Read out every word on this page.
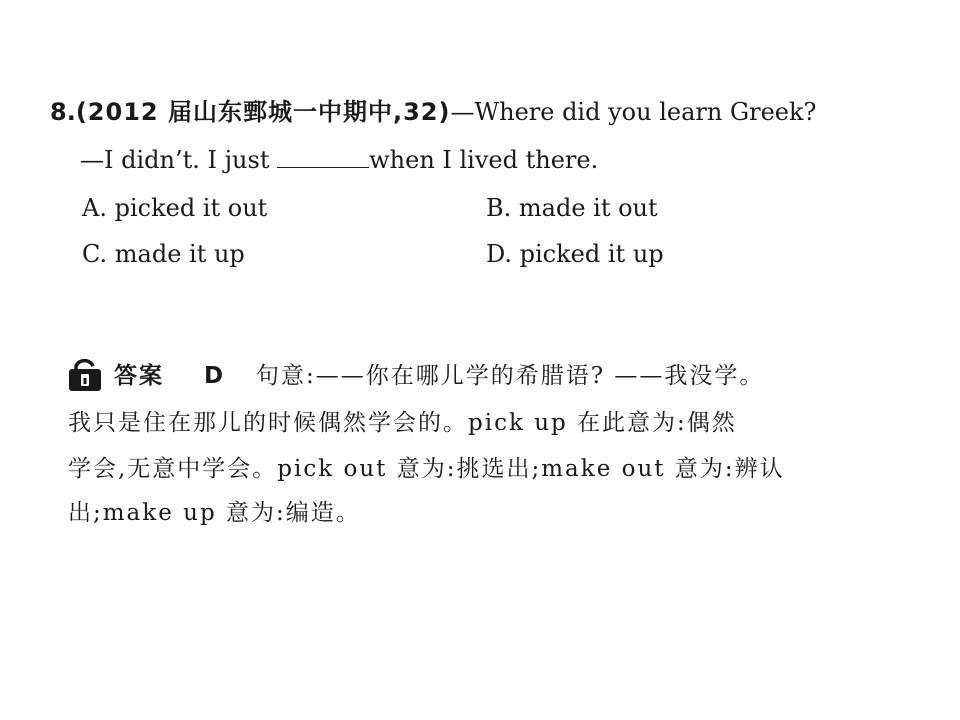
8.(2012 届山东鄄城一中期中,32)—Where did you learn Greek?
—I didn’t. I just	when I lived there.
A. picked it out	B. made it out
C. made it up	D. picked it up
答案 D 句意:——你在哪儿学的希腊语? ——我没学。
我只是住在那儿的时候偶然学会的。pick up 在此意为:偶然
学会,无意中学会。pick out 意为:挑选出;make out 意为:辨认
出;make up 意为:编造。
